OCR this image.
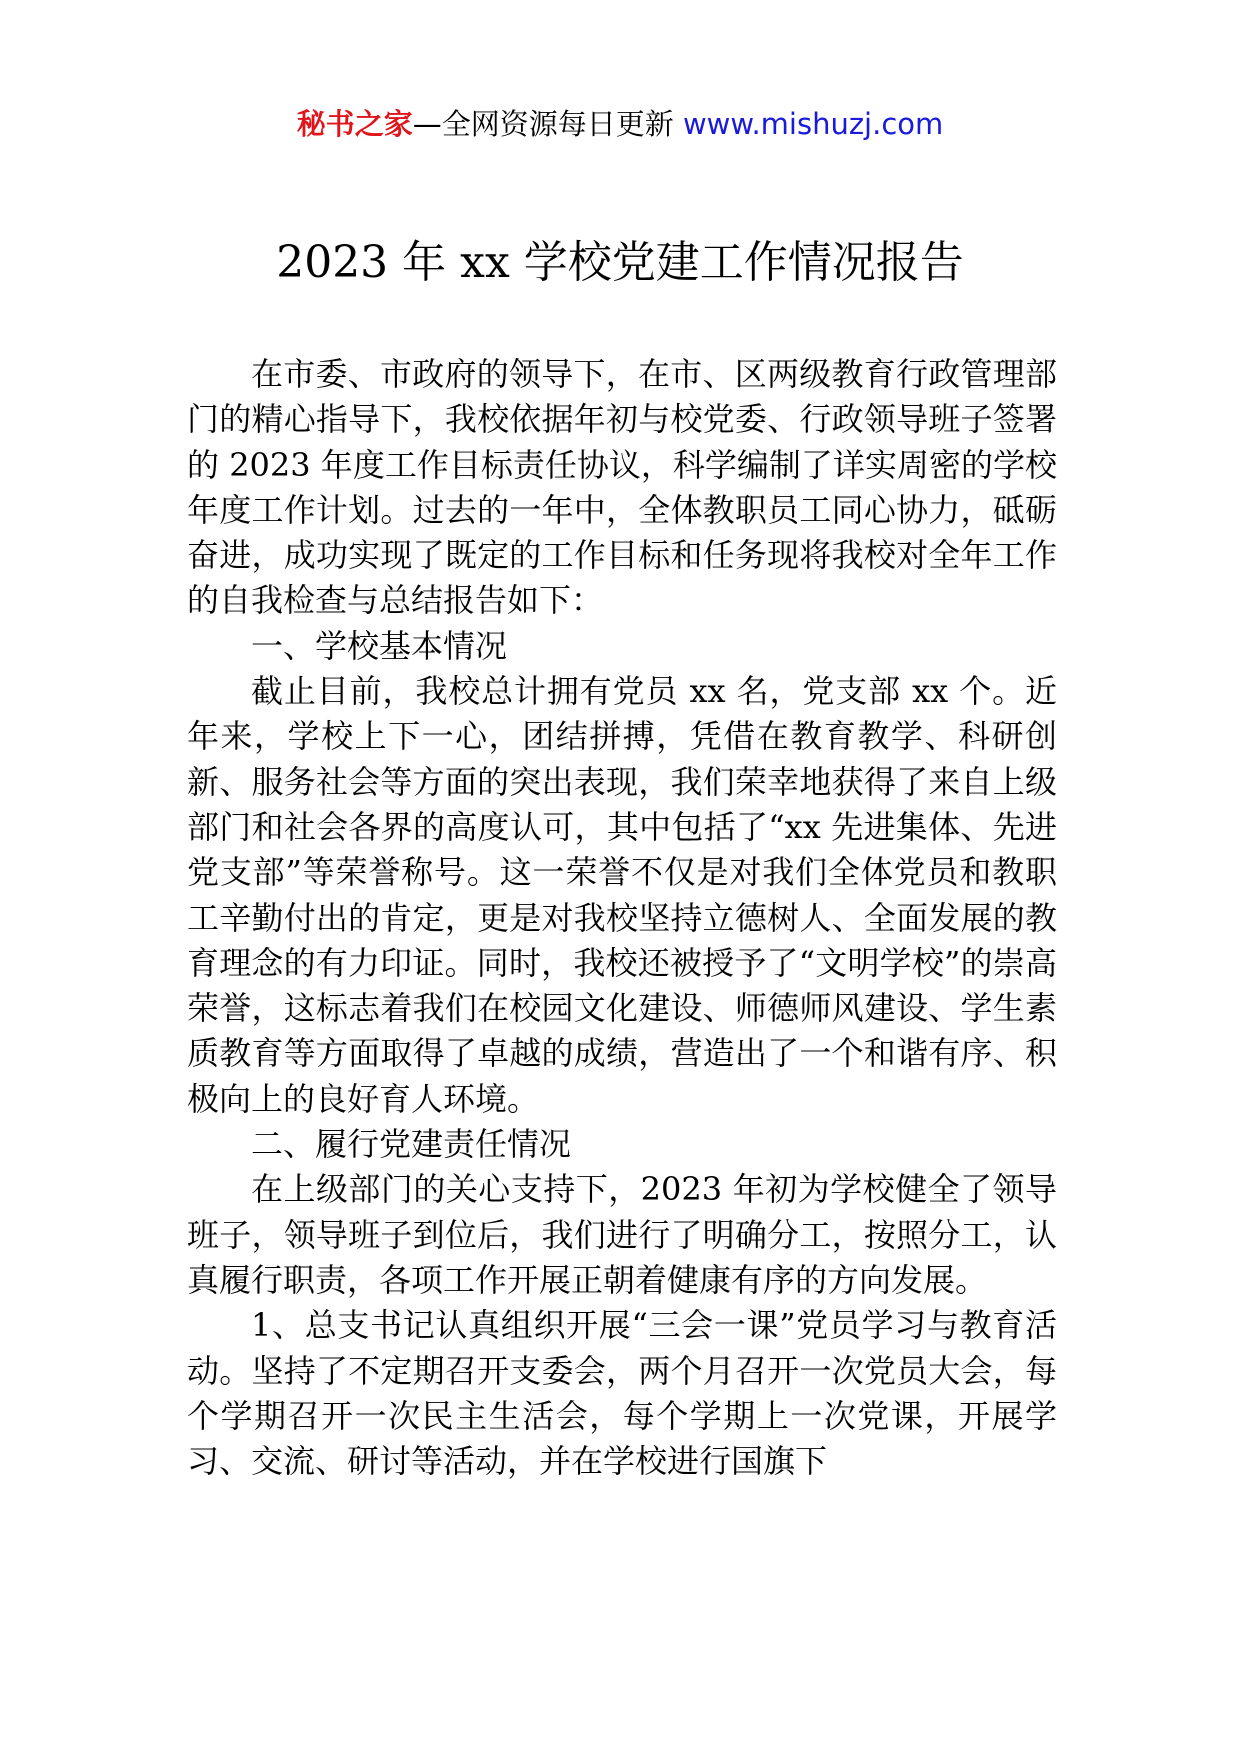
秘书之家—全网资源每日更新 www.mishuzj.com
2023 年 xx 学校党建工作情况报告

在市委、市政府的领导下，在市、区两级教育行政管理部门的精心指导下，我校依据年初与校党委、行政领导班子签署的 2023 年度工作目标责任协议，科学编制了详实周密的学校年度工作计划。过去的一年中，全体教职员工同心协力，砥砺奋进，成功实现了既定的工作目标和任务现将我校对全年工作的自我检查与总结报告如下：

一、学校基本情况

截止目前，我校总计拥有党员 xx 名，党支部 xx 个。近年来，学校上下一心，团结拼搏，凭借在教育教学、科研创新、服务社会等方面的突出表现，我们荣幸地获得了来自上级部门和社会各界的高度认可，其中包括了“xx 先进集体、先进党支部”等荣誉称号。这一荣誉不仅是对我们全体党员和教职工辛勤付出的肯定，更是对我校坚持立德树人、全面发展的教育理念的有力印证。同时，我校还被授予了“文明学校”的崇高荣誉，这标志着我们在校园文化建设、师德师风建设、学生素质教育等方面取得了卓越的成绩，营造出了一个和谐有序、积极向上的良好育人环境。

二、履行党建责任情况

在上级部门的关心支持下，2023 年初为学校健全了领导班子，领导班子到位后，我们进行了明确分工，按照分工，认真履行职责，各项工作开展正朝着健康有序的方向发展。

1、总支书记认真组织开展“三会一课”党员学习与教育活动。坚持了不定期召开支委会，两个月召开一次党员大会，每个学期召开一次民主生活会，每个学期上一次党课，开展学习、交流、研讨等活动，并在学校进行国旗下
